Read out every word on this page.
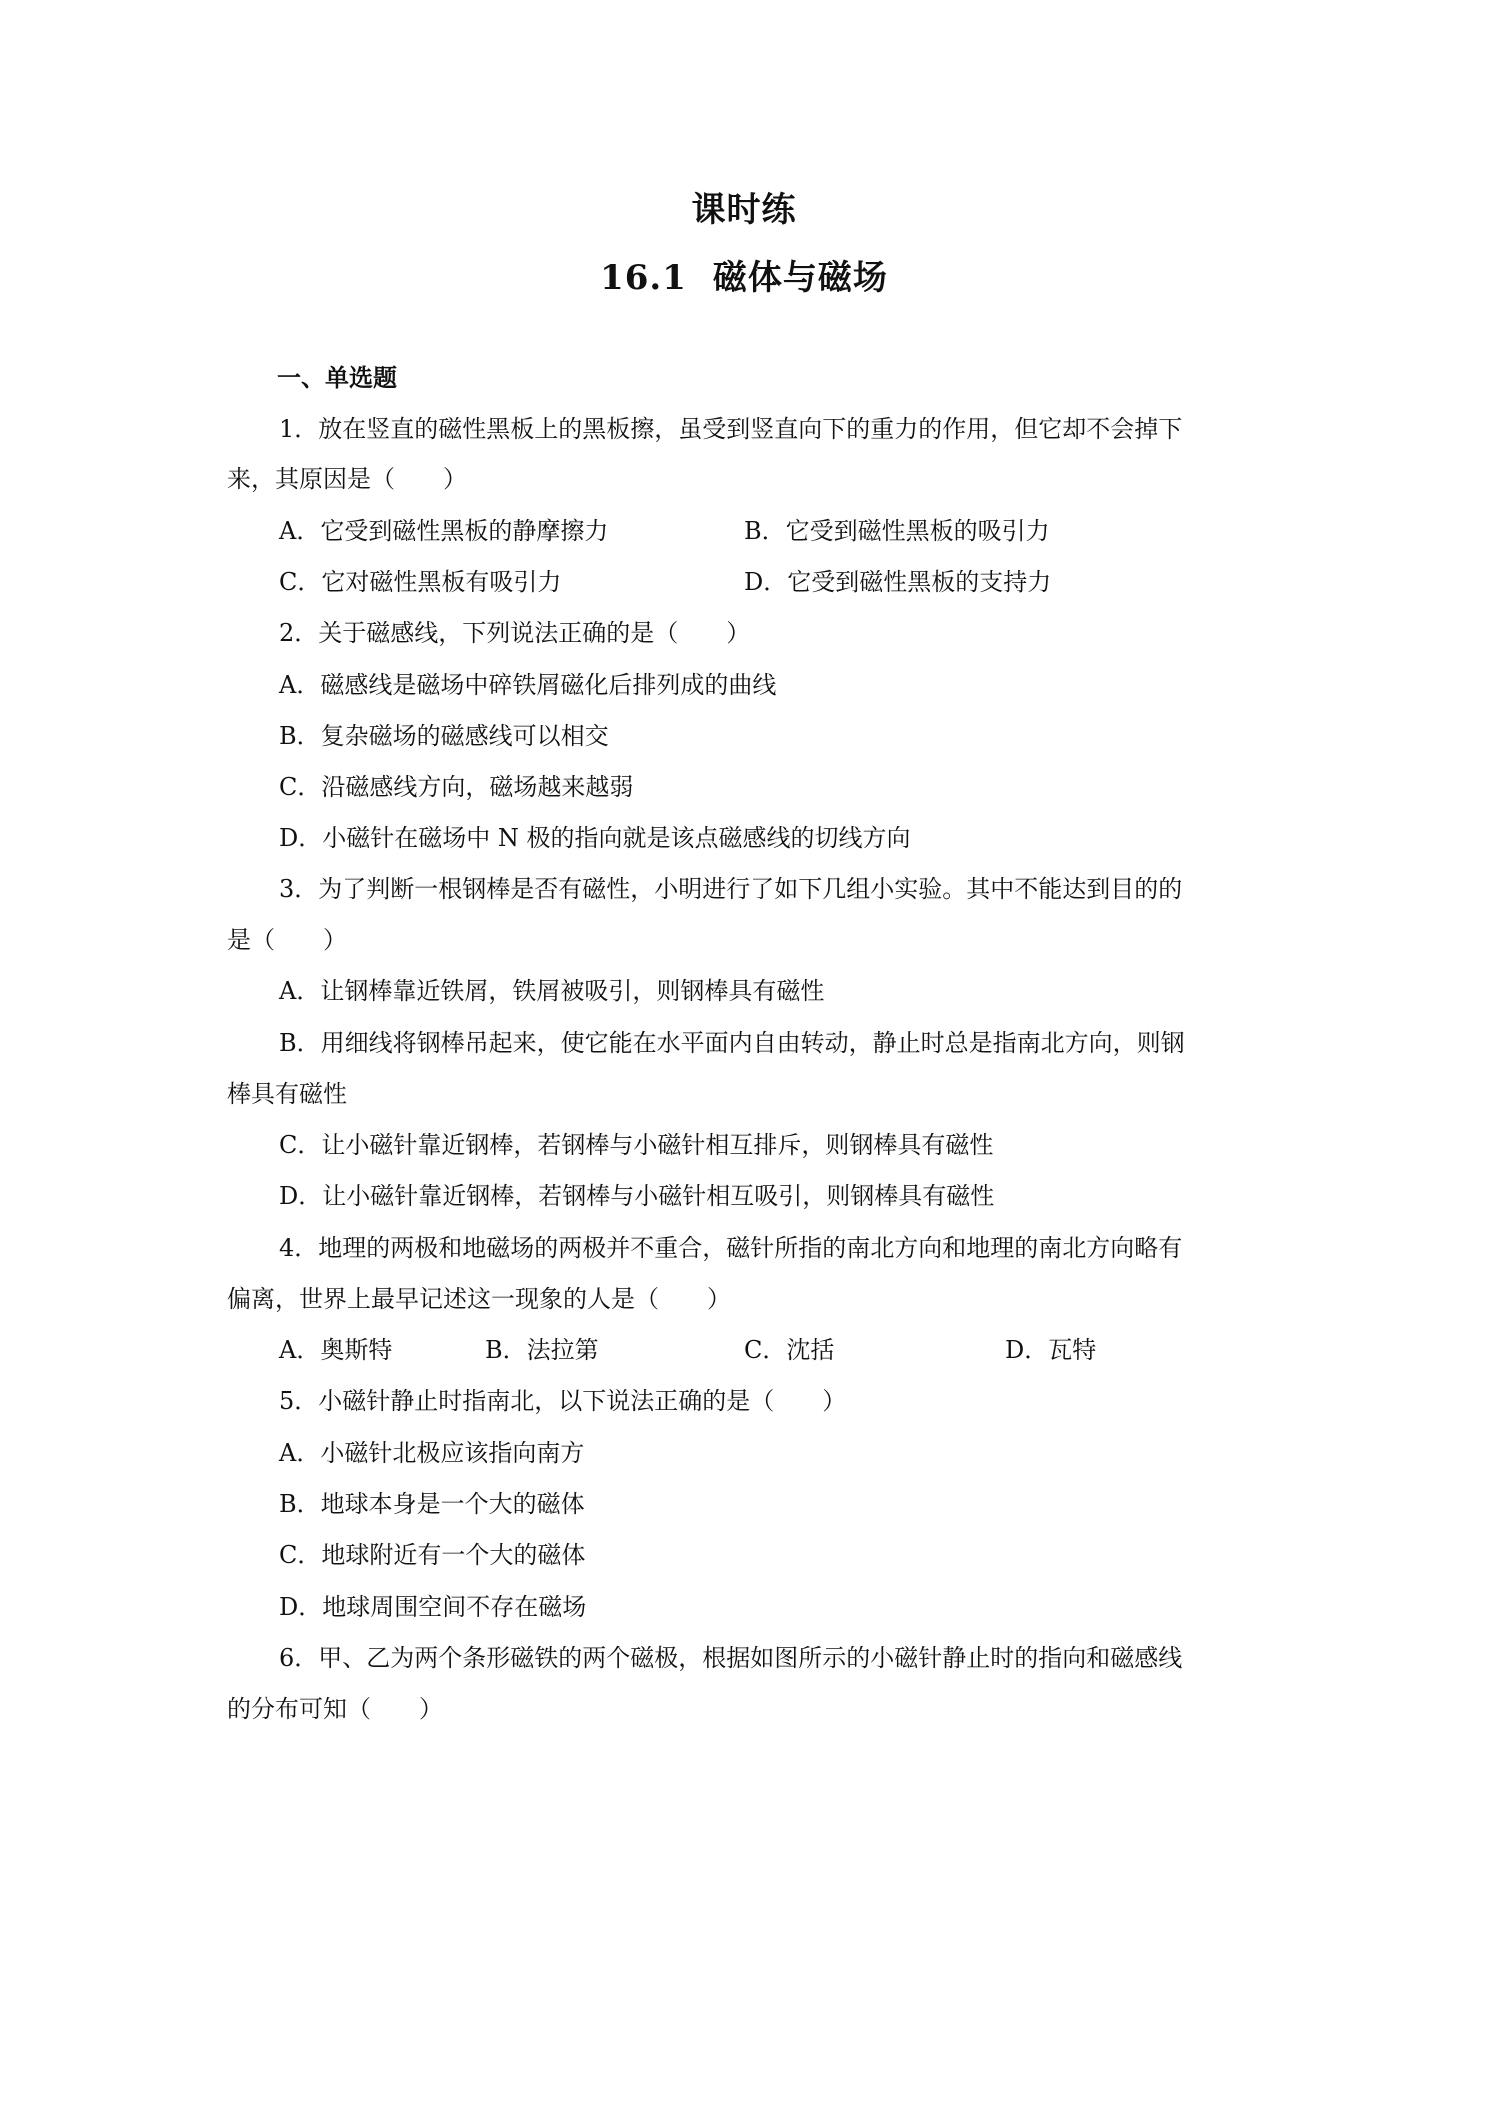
课时练
16.1 磁体与磁场
一、单选题
1．放在竖直的磁性黑板上的黑板擦，虽受到竖直向下的重力的作用，但它却不会掉下
来，其原因是（　　）
A．它受到磁性黑板的静摩擦力	B．它受到磁性黑板的吸引力
C．它对磁性黑板有吸引力	D．它受到磁性黑板的支持力
2．关于磁感线，下列说法正确的是（　　）
A．磁感线是磁场中碎铁屑磁化后排列成的曲线
B．复杂磁场的磁感线可以相交
C．沿磁感线方向，磁场越来越弱
D．小磁针在磁场中 N 极的指向就是该点磁感线的切线方向
3．为了判断一根钢棒是否有磁性，小明进行了如下几组小实验。其中不能达到目的的
是（　　）
A．让钢棒靠近铁屑，铁屑被吸引，则钢棒具有磁性
B．用细线将钢棒吊起来，使它能在水平面内自由转动，静止时总是指南北方向，则钢
棒具有磁性
C．让小磁针靠近钢棒，若钢棒与小磁针相互排斥，则钢棒具有磁性
D．让小磁针靠近钢棒，若钢棒与小磁针相互吸引，则钢棒具有磁性
4．地理的两极和地磁场的两极并不重合，磁针所指的南北方向和地理的南北方向略有
偏离，世界上最早记述这一现象的人是（　　）
A．奥斯特	B．法拉第	C．沈括	D．瓦特
5．小磁针静止时指南北，以下说法正确的是（　　）
A．小磁针北极应该指向南方
B．地球本身是一个大的磁体
C．地球附近有一个大的磁体
D．地球周围空间不存在磁场
6．甲、乙为两个条形磁铁的两个磁极，根据如图所示的小磁针静止时的指向和磁感线
的分布可知（　　）
